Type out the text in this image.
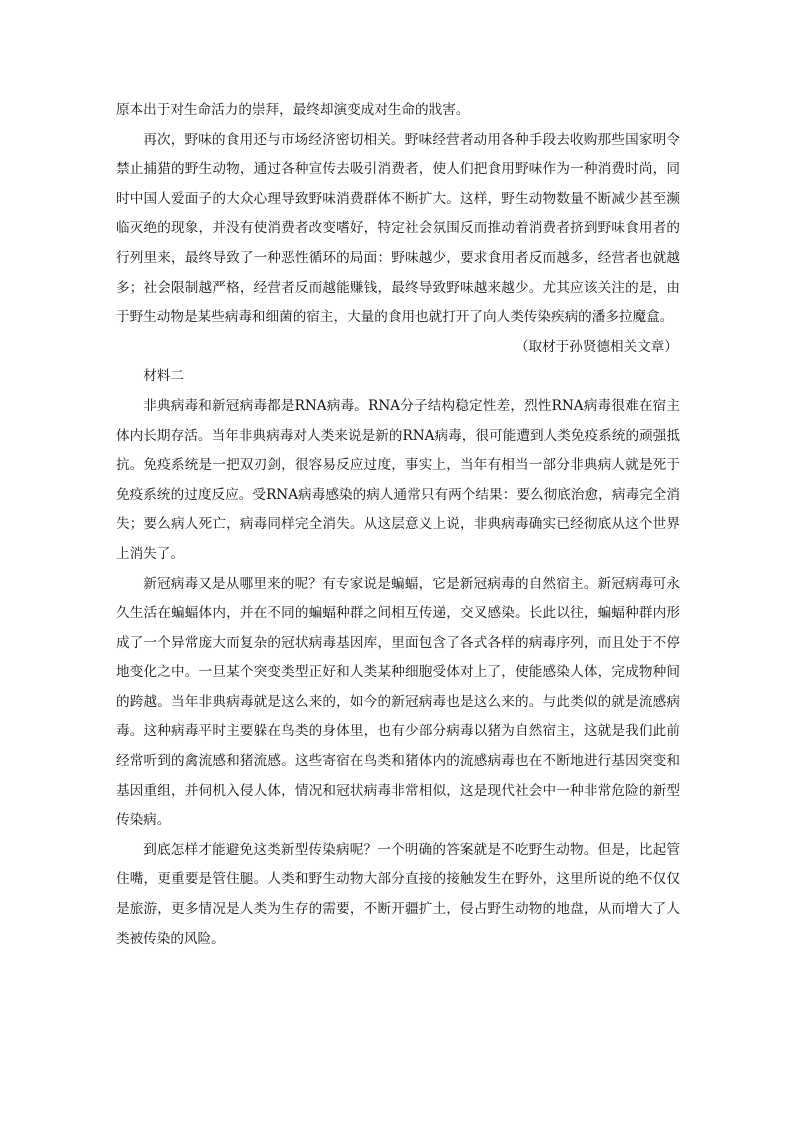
原本出于对生命活力的崇拜，最终却演变成对生命的戕害。

再次，野味的食用还与市场经济密切相关。野味经营者动用各种手段去收购那些国家明令禁止捕猎的野生动物，通过各种宣传去吸引消费者，使人们把食用野味作为一种消费时尚，同时中国人爱面子的大众心理导致野味消费群体不断扩大。这样，野生动物数量不断减少甚至濒临灭绝的现象，并没有使消费者改变嗜好，特定社会氛围反而推动着消费者挤到野味食用者的行列里来，最终导致了一种恶性循环的局面：野味越少，要求食用者反而越多，经营者也就越多；社会限制越严格，经营者反而越能赚钱，最终导致野味越来越少。尤其应该关注的是，由于野生动物是某些病毒和细菌的宿主，大量的食用也就打开了向人类传染疾病的潘多拉魔盒。

（取材于孙贤德相关文章）

材料二

非典病毒和新冠病毒都是RNA病毒。RNA分子结构稳定性差，烈性RNA病毒很难在宿主体内长期存活。当年非典病毒对人类来说是新的RNA病毒，很可能遭到人类免疫系统的顽强抵抗。免疫系统是一把双刃剑，很容易反应过度，事实上，当年有相当一部分非典病人就是死于免疫系统的过度反应。受RNA病毒感染的病人通常只有两个结果：要么彻底治愈，病毒完全消失；要么病人死亡，病毒同样完全消失。从这层意义上说，非典病毒确实已经彻底从这个世界上消失了。

新冠病毒又是从哪里来的呢？有专家说是蝙蝠，它是新冠病毒的自然宿主。新冠病毒可永久生活在蝙蝠体内，并在不同的蝙蝠种群之间相互传递，交叉感染。长此以往，蝙蝠种群内形成了一个异常庞大而复杂的冠状病毒基因库，里面包含了各式各样的病毒序列，而且处于不停地变化之中。一旦某个突变类型正好和人类某种细胞受体对上了，使能感染人体，完成物种间的跨越。当年非典病毒就是这么来的，如今的新冠病毒也是这么来的。与此类似的就是流感病毒。这种病毒平时主要躲在鸟类的身体里，也有少部分病毒以猪为自然宿主，这就是我们此前经常听到的禽流感和猪流感。这些寄宿在鸟类和猪体内的流感病毒也在不断地进行基因突变和基因重组，并伺机入侵人体，情况和冠状病毒非常相似，这是现代社会中一种非常危险的新型传染病。

到底怎样才能避免这类新型传染病呢？一个明确的答案就是不吃野生动物。但是，比起管住嘴，更重要是管住腿。人类和野生动物大部分直接的接触发生在野外，这里所说的绝不仅仅是旅游，更多情况是人类为生存的需要，不断开疆扩土，侵占野生动物的地盘，从而增大了人类被传染的风险。
